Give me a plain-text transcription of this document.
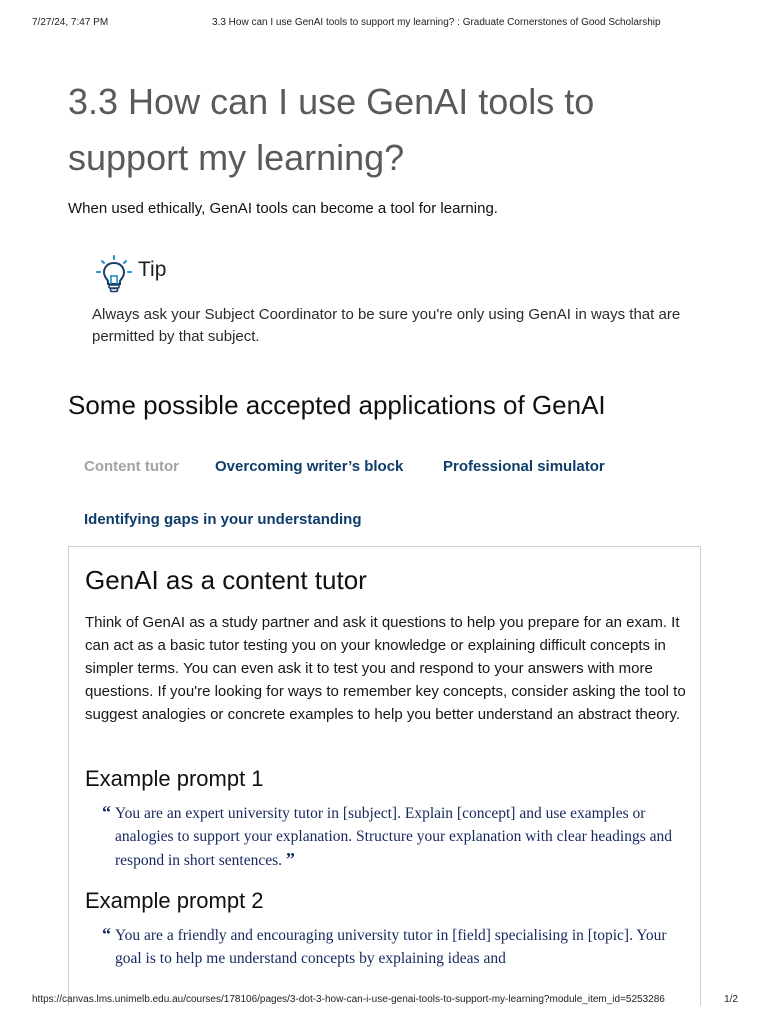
7/27/24, 7:47 PM	3.3 How can I use GenAI tools to support my learning? : Graduate Cornerstones of Good Scholarship
3.3 How can I use GenAI tools to support my learning?

When used ethically, GenAI tools can become a tool for learning.

Tip

Always ask your Subject Coordinator to be sure you're only using GenAI in ways that are permitted by that subject.

Some possible accepted applications of GenAI
Content tutor Overcoming writer’s block	Professional simulator
Identifying gaps in your understanding
GenAI as a content tutor

Think of GenAI as a study partner and ask it questions to help you prepare for an exam. It can act as a basic tutor testing you on your knowledge or explaining difficult concepts in simpler terms. You can even ask it to test you and respond to your answers with more questions. If you're looking for ways to remember key concepts, consider asking the tool to suggest analogies or concrete examples to help you better understand an abstract theory.

Example prompt 1
“ You are an expert university tutor in [subject]. Explain [concept] and use examples or analogies to support your explanation. Structure your explanation with clear headings and respond in short sentences. ”
Example prompt 2
“ You are a friendly and encouraging university tutor in [field] specialising in [topic]. Your goal is to help me understand concepts by explaining ideas and
https://canvas.lms.unimelb.edu.au/courses/178106/pages/3-dot-3-how-can-i-use-genai-tools-to-support-my-learning?module_item_id=5253286	1/2
